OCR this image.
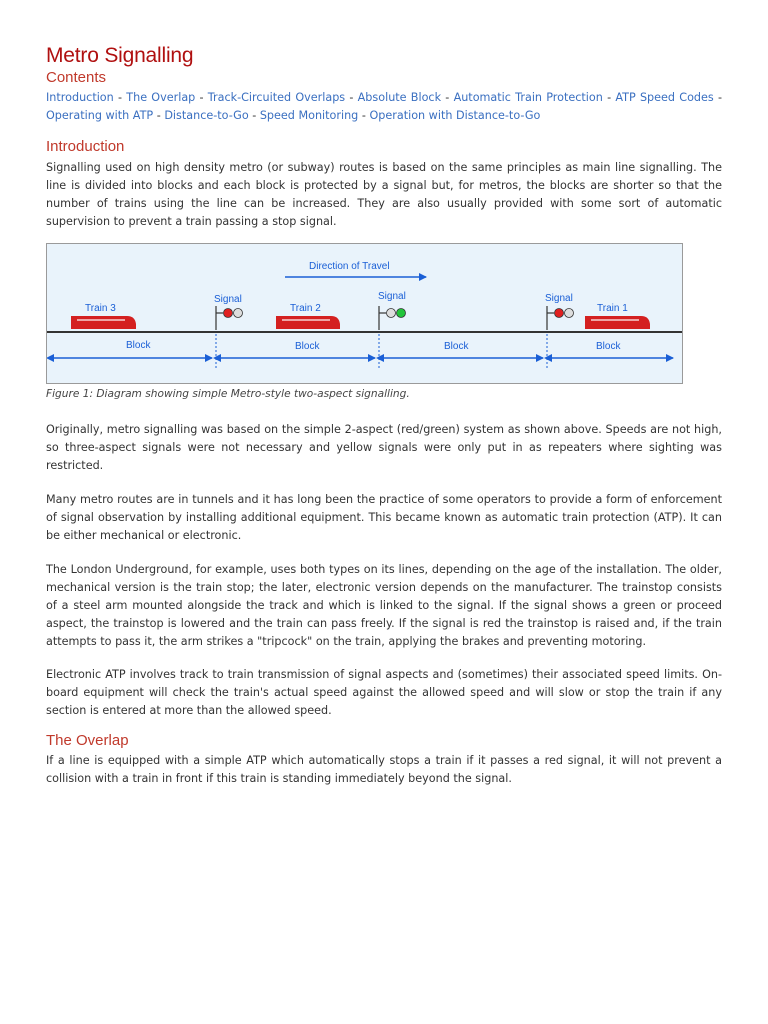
Metro Signalling
Contents
Introduction - The Overlap - Track-Circuited Overlaps - Absolute Block - Automatic Train Protection - ATP Speed Codes - Operating with ATP - Distance-to-Go - Speed Monitoring - Operation with Distance-to-Go
Introduction

Signalling used on high density metro (or subway) routes is based on the same principles as main line signalling. The line is divided into blocks and each block is protected by a signal but, for metros, the blocks are shorter so that the number of trains using the line can be increased. They are also usually provided with some sort of automatic supervision to prevent a train passing a stop signal.

Direction of Travel
Train 3	Train 2	Train 1
Signal	Signal	Signal
Block	Block	Block	Block
Figure 1: Diagram showing simple Metro-style two-aspect signalling.

Originally, metro signalling was based on the simple 2-aspect (red/green) system as shown above. Speeds are not high, so three-aspect signals were not necessary and yellow signals were only put in as repeaters where sighting was restricted.

Many metro routes are in tunnels and it has long been the practice of some operators to provide a form of enforcement of signal observation by installing additional equipment. This became known as automatic train protection (ATP). It can be either mechanical or electronic.

The London Underground, for example, uses both types on its lines, depending on the age of the installation. The older, mechanical version is the train stop; the later, electronic version depends on the manufacturer. The trainstop consists of a steel arm mounted alongside the track and which is linked to the signal. If the signal shows a green or proceed aspect, the trainstop is lowered and the train can pass freely. If the signal is red the trainstop is raised and, if the train attempts to pass it, the arm strikes a "tripcock" on the train, applying the brakes and preventing motoring.

Electronic ATP involves track to train transmission of signal aspects and (sometimes) their associated speed limits. On-board equipment will check the train's actual speed against the allowed speed and will slow or stop the train if any section is entered at more than the allowed speed.

The Overlap

If a line is equipped with a simple ATP which automatically stops a train if it passes a red signal, it will not prevent a collision with a train in front if this train is standing immediately beyond the signal.
